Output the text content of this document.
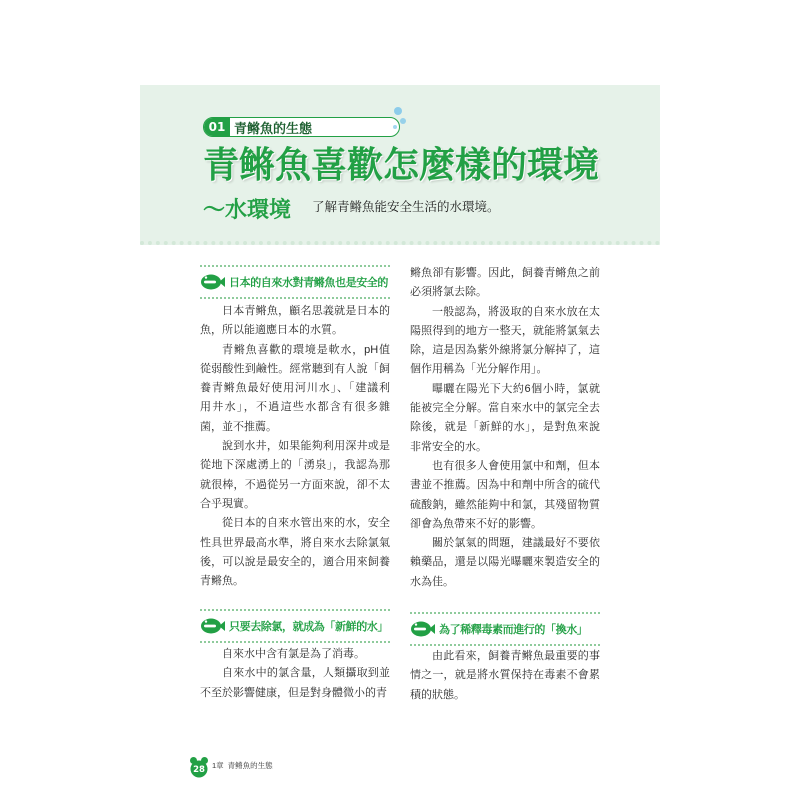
01 青鳉魚的生態
青鳉魚喜歡怎麼樣的環境
～水環境 了解青鳉魚能安全生活的水環境。
日本的自來水對青鳉魚也是安全的
日本青鳉魚，顧名思義就是日本的
魚，所以能適應日本的水質。
青鳉魚喜歡的環境是軟水，pH值
從弱酸性到鹼性。經常聽到有人說「飼
養青鳉魚最好使用河川水」、「建議利
用井水」，不過這些水都含有很多雜
菌，並不推薦。
說到水井，如果能夠利用深井或是
從地下深處湧上的「湧泉」，我認為那
就很棒，不過從另一方面來說，卻不太
合乎現實。
從日本的自來水管出來的水，安全
性具世界最高水準，將自來水去除氯氣
後，可以說是最安全的，適合用來飼養
青鳉魚。
鳉魚卻有影響。因此，飼養青鳉魚之前
必須將氯去除。
一般認為，將汲取的自來水放在太
陽照得到的地方一整天，就能將氯氣去
除，這是因為紫外線將氯分解掉了，這
個作用稱為「光分解作用」。
曝曬在陽光下大約6個小時，氯就
能被完全分解。當自來水中的氯完全去
除後，就是「新鮮的水」，是對魚來說
非常安全的水。
也有很多人會使用氯中和劑，但本
書並不推薦。因為中和劑中所含的硫代
硫酸鈉，雖然能夠中和氯，其殘留物質
卻會為魚帶來不好的影響。
關於氯氣的問題，建議最好不要依
賴藥品，還是以陽光曝曬來製造安全的
水為佳。
只要去除氯，就成為「新鮮的水」
自來水中含有氯是為了消毒。
自來水中的氯含量，人類攝取到並
不至於影響健康，但是對身體微小的青
為了稀釋毒素而進行的「換水」
由此看來，飼養青鳉魚最重要的事
情之一，就是將水質保持在毒素不會累
積的狀態。
28 1章 青鳉魚的生態
